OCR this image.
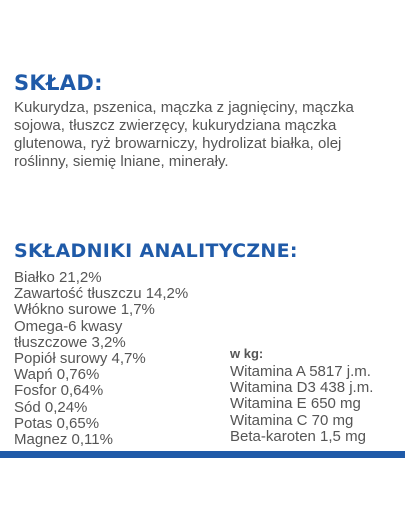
SKŁAD:

Kukurydza, pszenica, mączka z jagnięciny, mączka sojowa, tłuszcz zwierzęcy, kukurydziana mączka glutenowa, ryż browarniczy, hydrolizat białka, olej roślinny, siemię lniane, minerały.

SKŁADNIKI ANALITYCZNE:
Białko 21,2%
Zawartość tłuszczu 14,2%
Włókno surowe 1,7%
Omega-6 kwasy
tłuszczowe 3,2%
Popiół surowy 4,7%
Wapń 0,76%
Fosfor 0,64%
Sód 0,24%
Potas 0,65%
Magnez 0,11%
w kg:
Witamina A 5817 j.m.
Witamina D3 438 j.m.
Witamina E 650 mg
Witamina C 70 mg
Beta-karoten 1,5 mg
